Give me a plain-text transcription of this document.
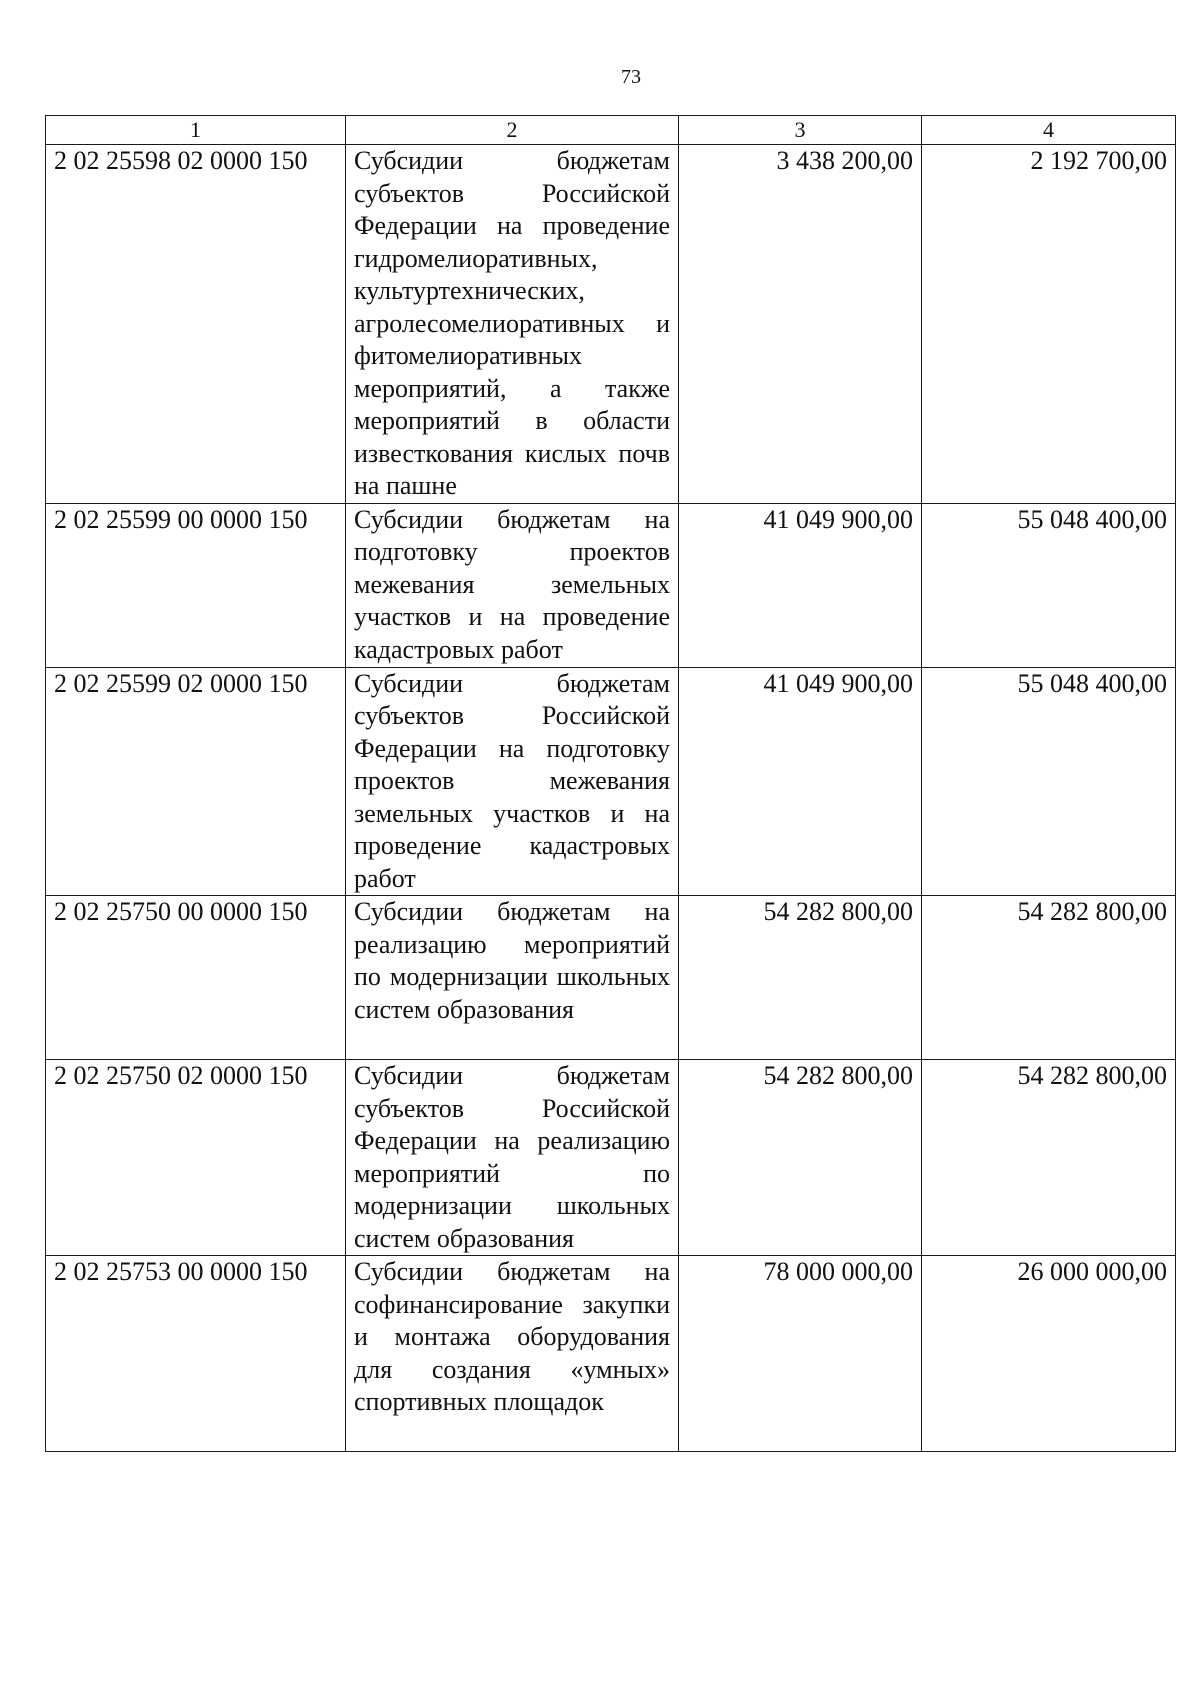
73
1	2	3	4
2 02 25598 02 0000 150	Субсидии бюджетам субъектов Российской Федерации на проведение гидромелиоративных, культуртехнических, агролесомелиоративных и фитомелиоративных мероприятий, а также мероприятий в области известкования кислых почв на пашне	3 438 200,00	2 192 700,00
2 02 25599 00 0000 150	Субсидии бюджетам на подготовку проектов межевания земельных участков и на проведение кадастровых работ	41 049 900,00	55 048 400,00
2 02 25599 02 0000 150	Субсидии бюджетам субъектов Российской Федерации на подготовку проектов межевания земельных участков и на проведение кадастровых работ	41 049 900,00	55 048 400,00
2 02 25750 00 0000 150	Субсидии бюджетам на реализацию мероприятий по модернизации школьных систем образования	54 282 800,00	54 282 800,00
2 02 25750 02 0000 150	Субсидии бюджетам субъектов Российской Федерации на реализацию мероприятий по модернизации школьных систем образования	54 282 800,00	54 282 800,00
2 02 25753 00 0000 150	Субсидии бюджетам на софинансирование закупки и монтажа оборудования для создания «умных» спортивных площадок	78 000 000,00	26 000 000,00
